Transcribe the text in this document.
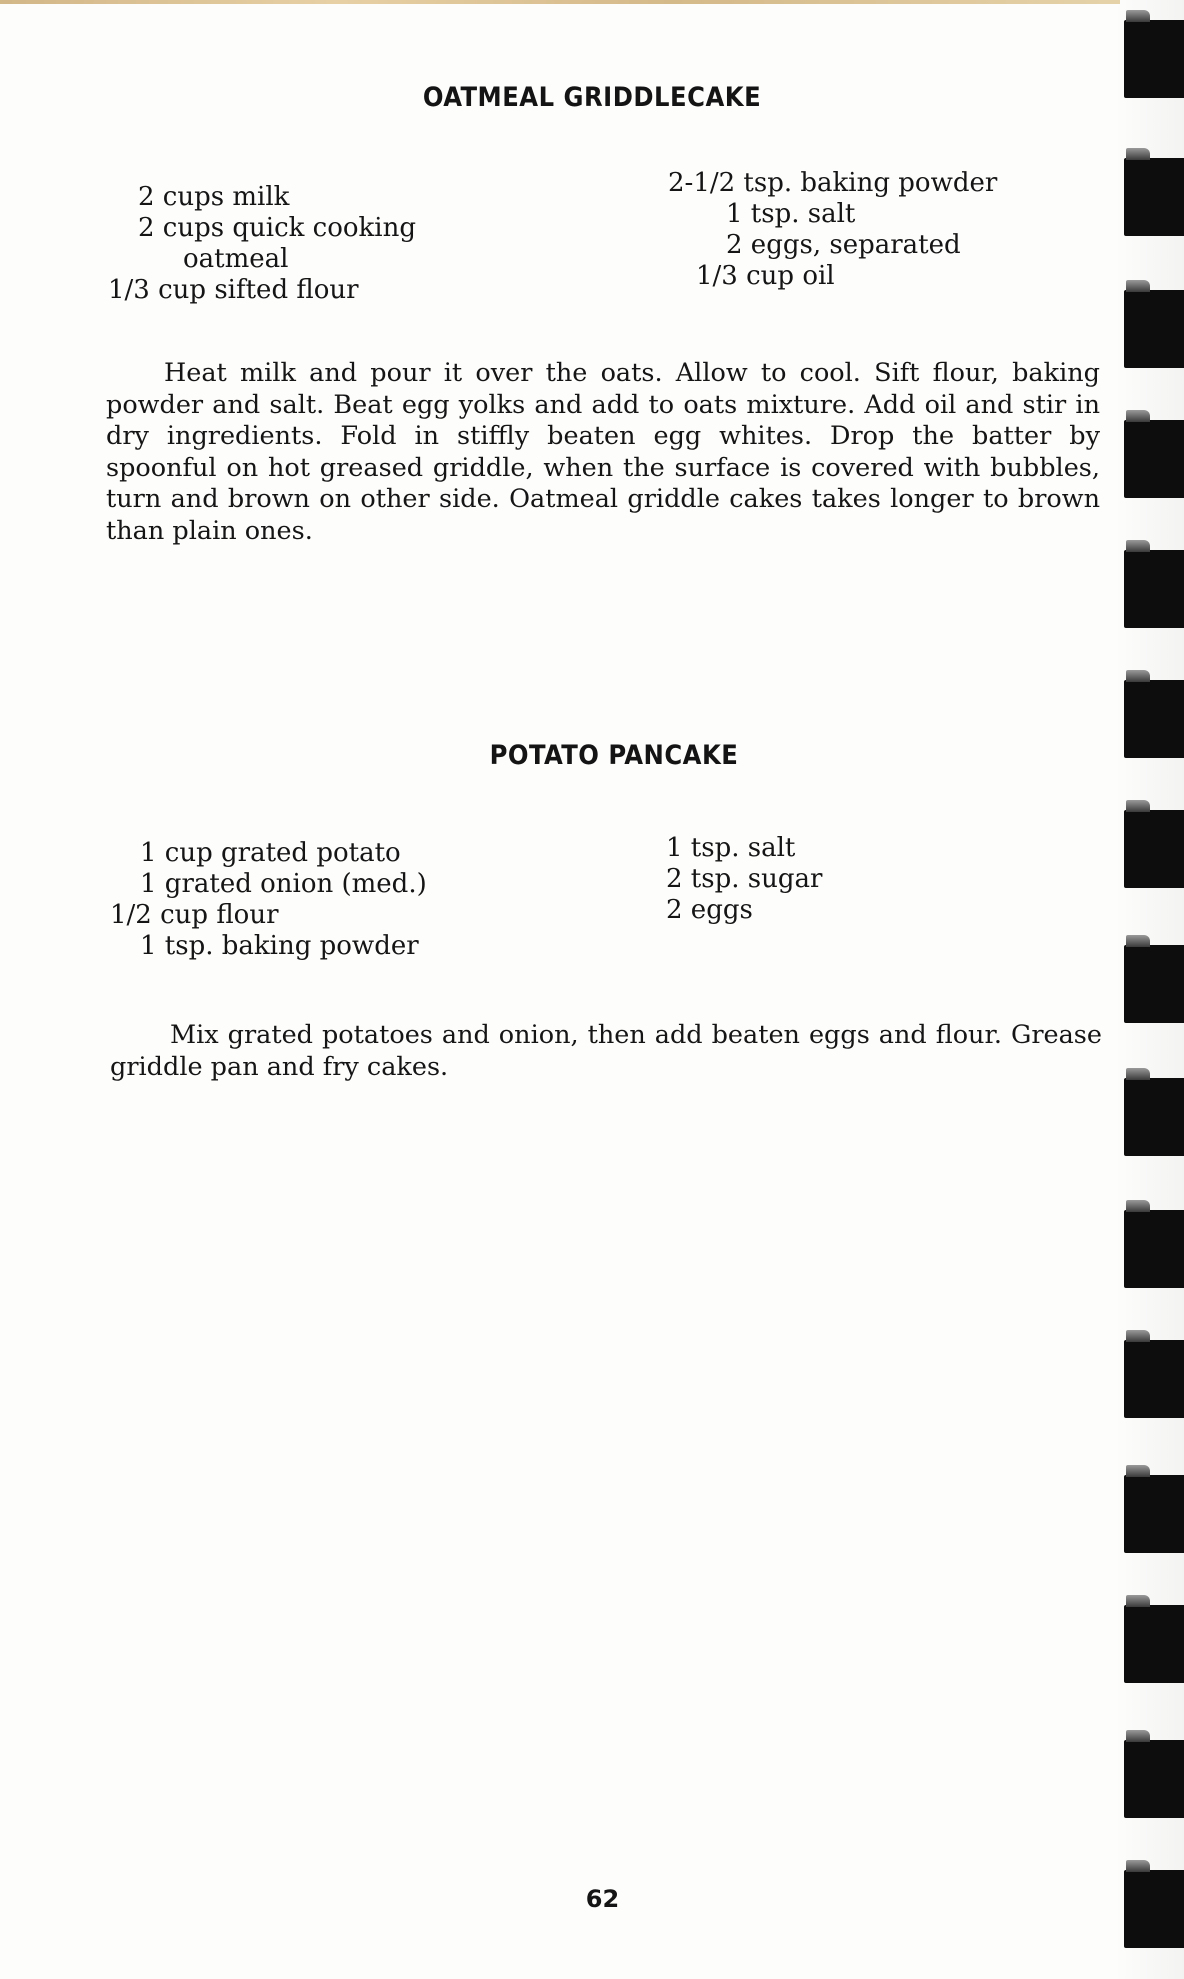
OATMEAL GRIDDLECAKE
2 cups milk
2 cups quick cooking
oatmeal
1/3 cup sifted flour
2-1/2 tsp. baking powder
1 tsp. salt
2 eggs, separated
1/3 cup oil
Heat milk and pour it over the oats. Allow to cool. Sift flour, baking powder and salt. Beat egg yolks and add to oats mixture. Add oil and stir in dry ingredients. Fold in stiffly beaten egg whites. Drop the batter by spoonful on hot greased griddle, when the surface is covered with bubbles, turn and brown on other side. Oatmeal griddle cakes takes longer to brown than plain ones.
POTATO PANCAKE
1 cup grated potato
1 grated onion (med.)
1/2 cup flour
1 tsp. baking powder
1 tsp. salt
2 tsp. sugar
2 eggs
Mix grated potatoes and onion, then add beaten eggs and flour. Grease griddle pan and fry cakes.
62
